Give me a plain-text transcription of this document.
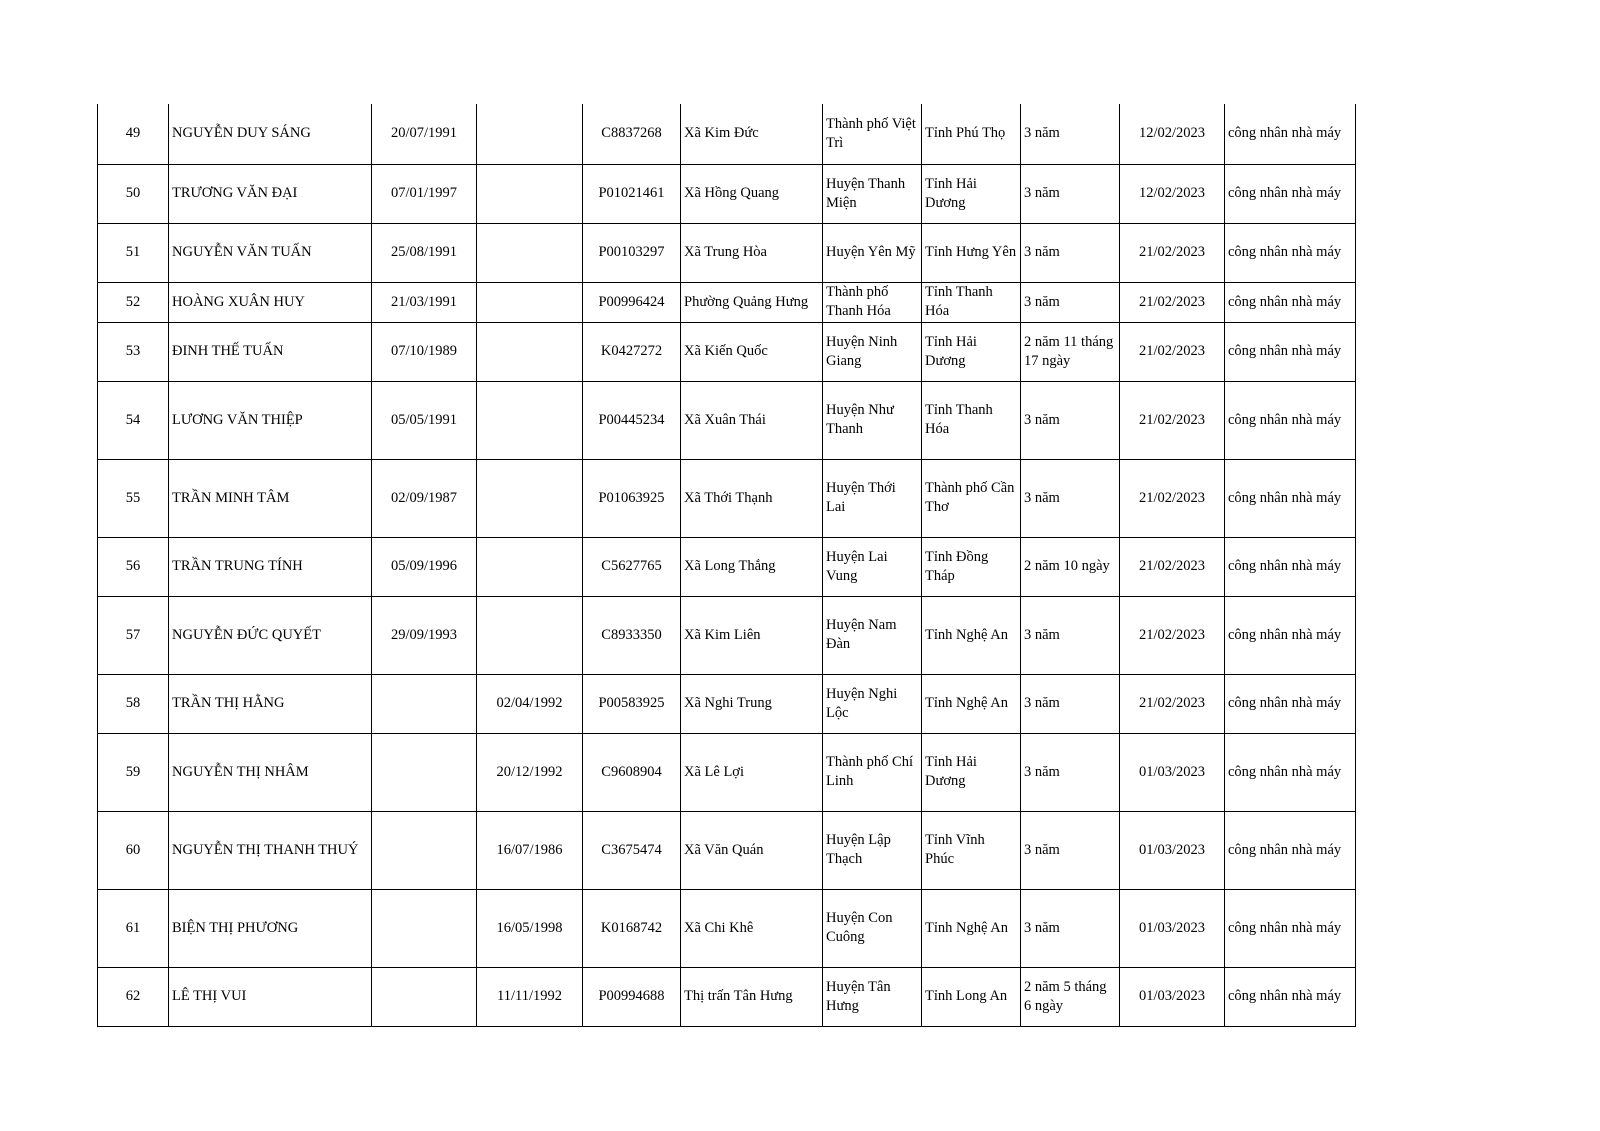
49	NGUYỄN DUY SÁNG	20/07/1991		C8837268	Xã Kim Đức	Thành phố Việt Trì	Tỉnh Phú Thọ	3 năm	12/02/2023	công nhân nhà máy
50	TRƯƠNG VĂN ĐẠI	07/01/1997		P01021461	Xã Hồng Quang	Huyện Thanh Miện	Tỉnh Hải Dương	3 năm	12/02/2023	công nhân nhà máy
51	NGUYỄN VĂN TUẤN	25/08/1991		P00103297	Xã Trung Hòa	Huyện Yên Mỹ	Tỉnh Hưng Yên	3 năm	21/02/2023	công nhân nhà máy
52	HOÀNG XUÂN HUY	21/03/1991		P00996424	Phường Quảng Hưng	Thành phố Thanh Hóa	Tỉnh Thanh Hóa	3 năm	21/02/2023	công nhân nhà máy
53	ĐINH THẾ TUẤN	07/10/1989		K0427272	Xã Kiến Quốc	Huyện Ninh Giang	Tỉnh Hải Dương	2 năm 11 tháng 17 ngày	21/02/2023	công nhân nhà máy
54	LƯƠNG VĂN THIỆP	05/05/1991		P00445234	Xã Xuân Thái	Huyện Như Thanh	Tỉnh Thanh Hóa	3 năm	21/02/2023	công nhân nhà máy
55	TRẦN MINH TÂM	02/09/1987		P01063925	Xã Thới Thạnh	Huyện Thới Lai	Thành phố Cần Thơ	3 năm	21/02/2023	công nhân nhà máy
56	TRẦN TRUNG TÍNH	05/09/1996		C5627765	Xã Long Thắng	Huyện Lai Vung	Tỉnh Đồng Tháp	2 năm 10 ngày	21/02/2023	công nhân nhà máy
57	NGUYỄN ĐỨC QUYẾT	29/09/1993		C8933350	Xã Kim Liên	Huyện Nam Đàn	Tỉnh Nghệ An	3 năm	21/02/2023	công nhân nhà máy
58	TRẦN THỊ HẰNG		02/04/1992	P00583925	Xã Nghi Trung	Huyện Nghi Lộc	Tỉnh Nghệ An	3 năm	21/02/2023	công nhân nhà máy
59	NGUYỄN THỊ NHÂM		20/12/1992	C9608904	Xã Lê Lợi	Thành phố Chí Linh	Tỉnh Hải Dương	3 năm	01/03/2023	công nhân nhà máy
60	NGUYỄN THỊ THANH THUÝ		16/07/1986	C3675474	Xã Văn Quán	Huyện Lập Thạch	Tỉnh Vĩnh Phúc	3 năm	01/03/2023	công nhân nhà máy
61	BIỆN THỊ PHƯƠNG		16/05/1998	K0168742	Xã Chi Khê	Huyện Con Cuông	Tỉnh Nghệ An	3 năm	01/03/2023	công nhân nhà máy
62	LÊ THỊ VUI		11/11/1992	P00994688	Thị trấn Tân Hưng	Huyện Tân Hưng	Tỉnh Long An	2 năm 5 tháng 6 ngày	01/03/2023	công nhân nhà máy
